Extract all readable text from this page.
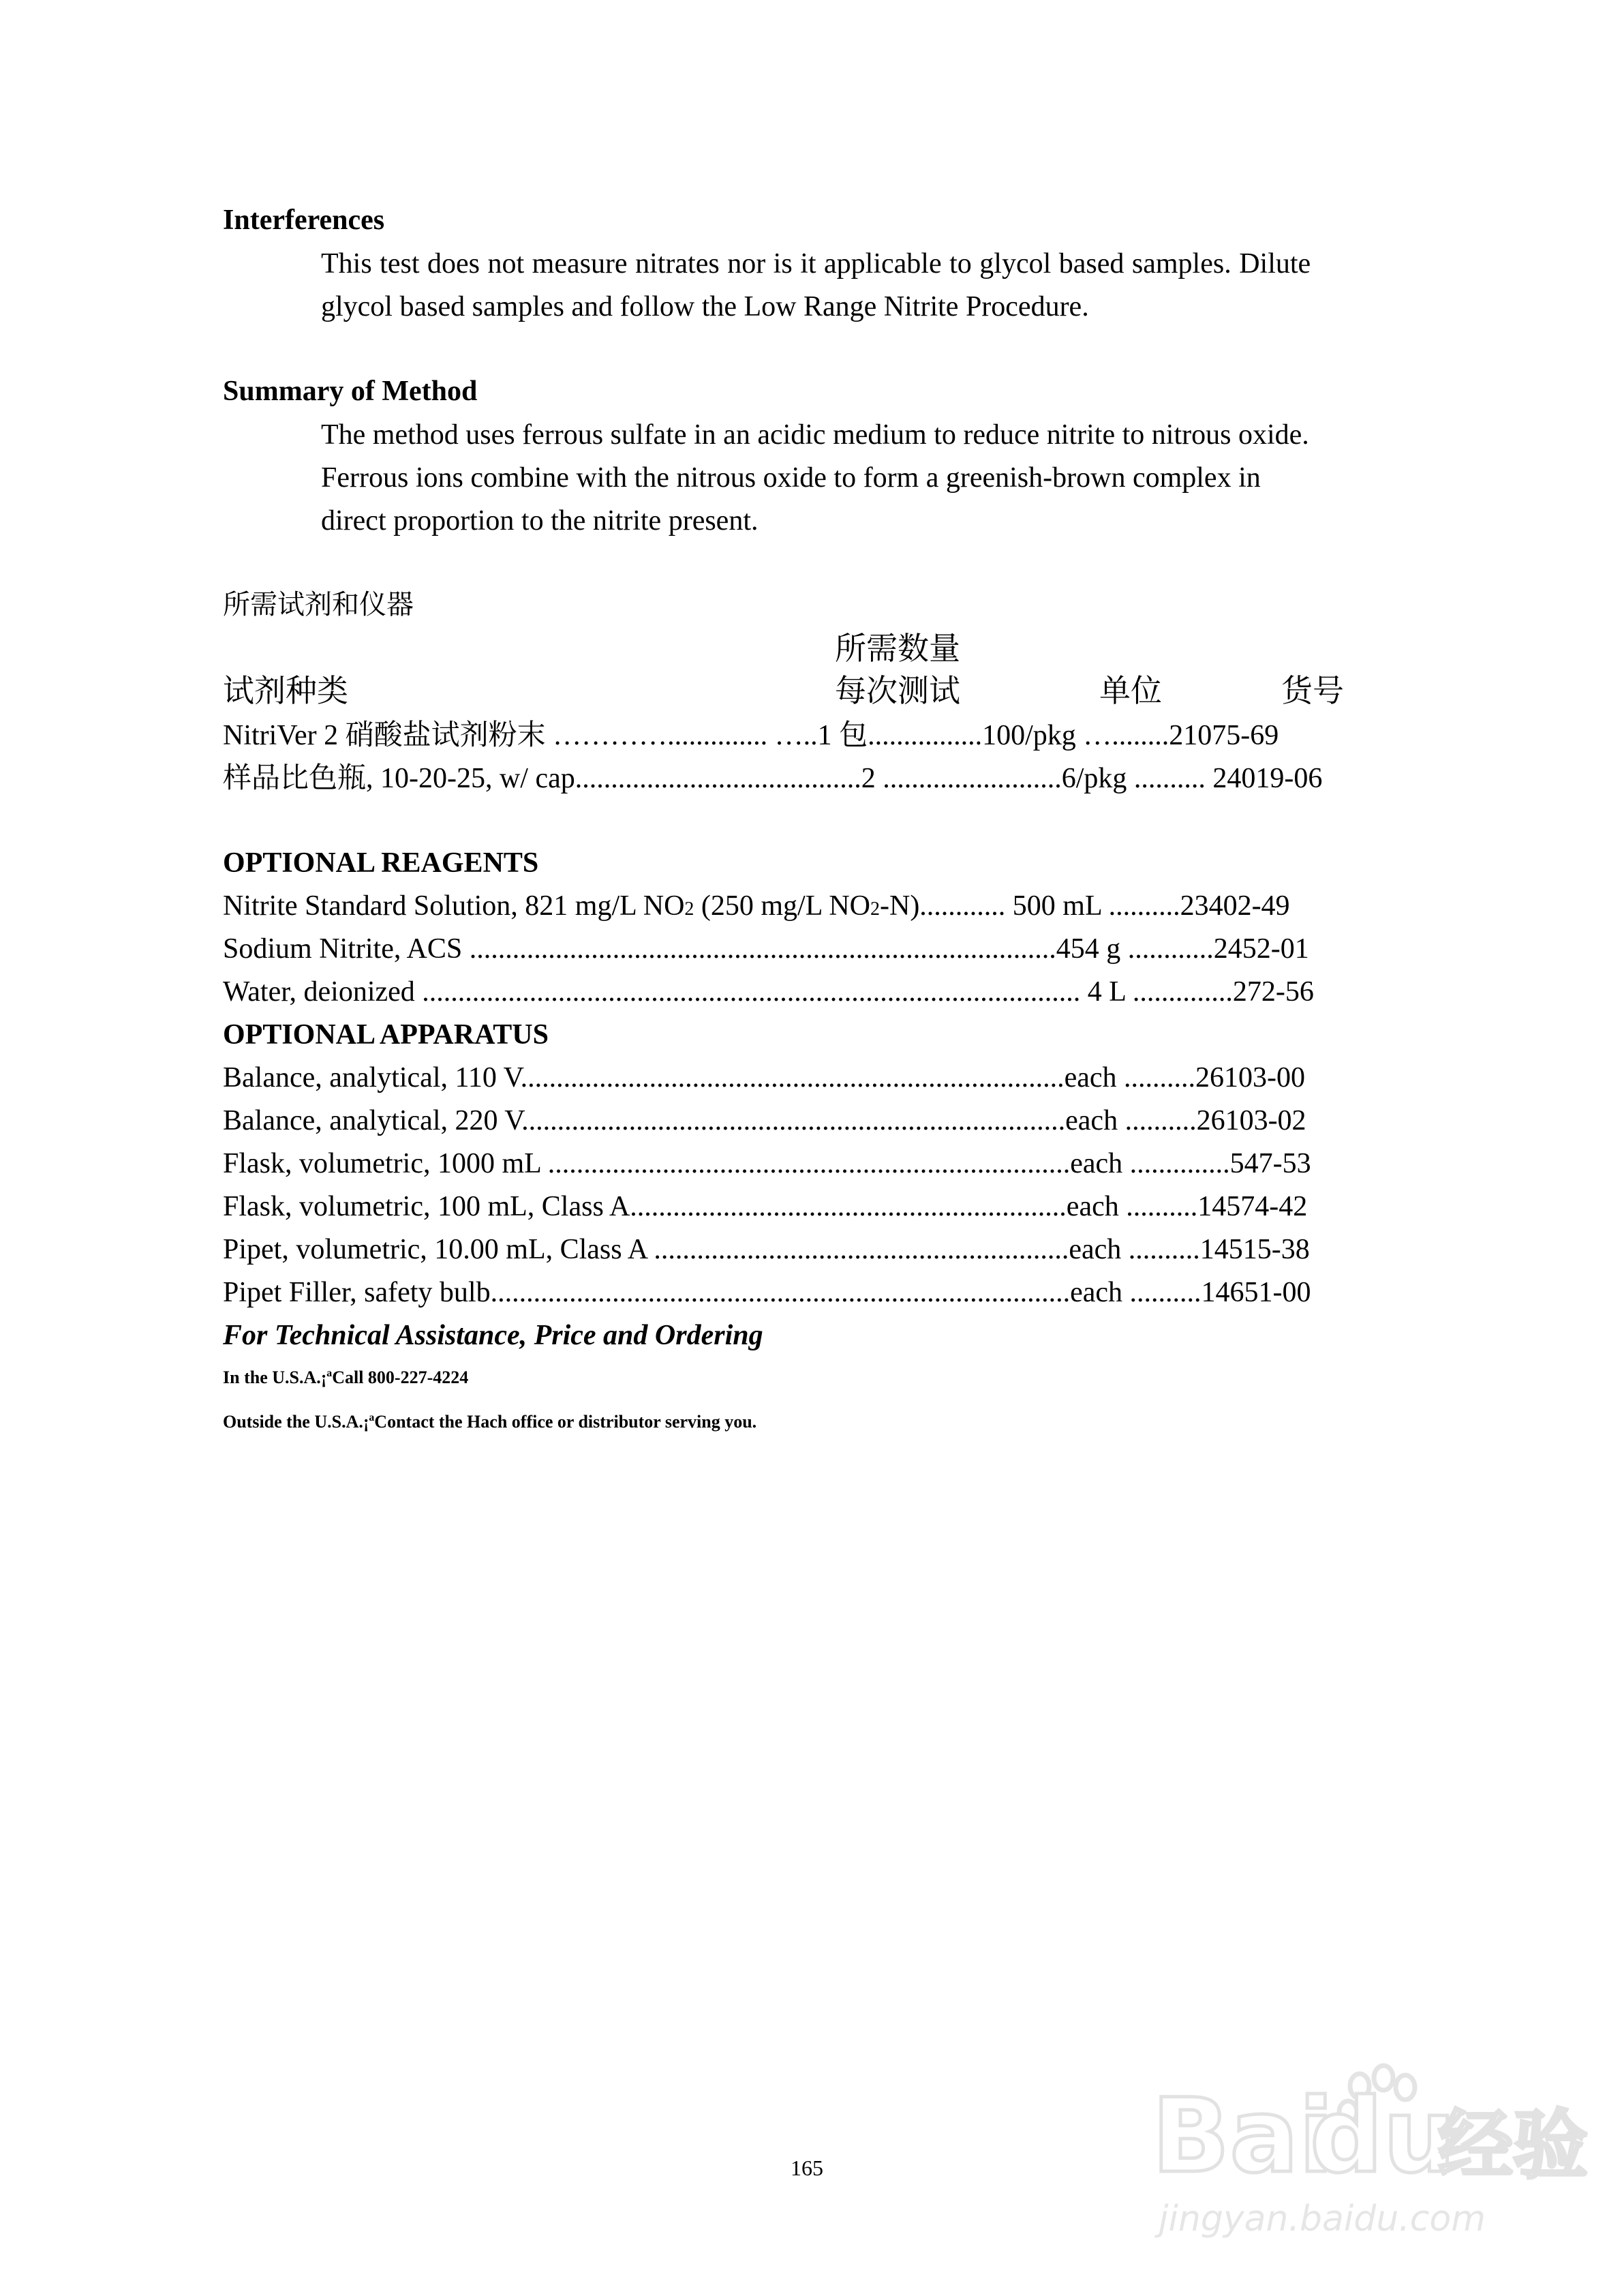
Interferences
This test does not measure nitrates nor is it applicable to glycol based samples. Dilute
glycol based samples and follow the Low Range Nitrite Procedure.
Summary of Method
The method uses ferrous sulfate in an acidic medium to reduce nitrite to nitrous oxide.
Ferrous ions combine with the nitrous oxide to form a greenish-brown complex in
direct proportion to the nitrite present.
所需试剂和仪器
所需数量
试剂种类	每次测试	单位	货号
NitriVer 2 硝酸盐试剂粉末 ………….............. …..1 包................100/pkg …........21075-69
样品比色瓶, 10-20-25, w/ cap........................................2 .........................6/pkg .......... 24019-06
OPTIONAL REAGENTS
Nitrite Standard Solution, 821 mg/L NO2 (250 mg/L NO2-N)............ 500 mL ..........23402-49
Sodium Nitrite, ACS ..................................................................................454 g ............2452-01
Water, deionized ............................................................................................ 4 L ..............272-56
OPTIONAL APPARATUS
Balance, analytical, 110 V............................................................................each ..........26103-00
Balance, analytical, 220 V............................................................................each ..........26103-02
Flask, volumetric, 1000 mL .........................................................................each ..............547-53
Flask, volumetric, 100 mL, Class A.............................................................each ..........14574-42
Pipet, volumetric, 10.00 mL, Class A ..........................................................each ..........14515-38
Pipet Filler, safety bulb.................................................................................each ..........14651-00
For Technical Assistance, Price and Ordering
In the U.S.A.¡ªCall 800-227-4224
Outside the U.S.A.¡ªContact the Hach office or distributor serving you.
165	Bai
du
经验
jingyan.baidu.com
